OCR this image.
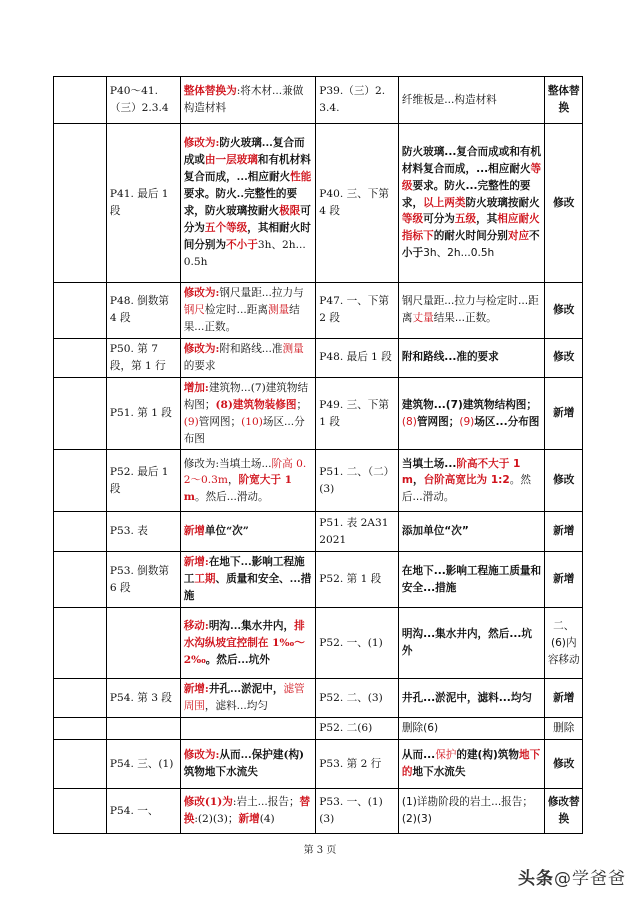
	P40～41.（三）2.3.4	整体替换为:将木材...兼做构造材料	P39.（三）2.3.4.	纤维板是...构造材料	整体替换
	P41. 最后 1 段	修改为:防火玻璃...复合而成或由一层玻璃和有机材料复合而成，...相应耐火性能要求。防火..完整性的要求，防火玻璃按耐火极限可分为五个等级，其相耐火时间分别为不小于3h、2h...0.5h	P40. 三、下第 4 段	防火玻璃...复合而成或和有机材料复合而成，...相应耐火等级要求。防火...完整性的要求，以上两类防火玻璃按耐火等级可分为五级，其相应耐火指标下的耐火时间分别对应不小于3h、2h...0.5h	修改
	P48. 倒数第 4 段	修改为:钢尺量距...拉力与钢尺检定时...距离测量结果...正数。	P47. 一、下第 2 段	钢尺量距...拉力与检定时...距离丈量结果...正数。	修改
	P50. 第 7 段，第 1 行	修改为:附和路线...准测量的要求	P48. 最后 1 段	附和路线...准的要求	修改
	P51. 第 1 段	增加:建筑物...(7)建筑物结构图；(8)建筑物装修图；(9)管网图；(10)场区...分布图	P49. 三、下第 1 段	建筑物...(7)建筑物结构图；(8)管网图；(9)场区...分布图	新增
	P52. 最后 1 段	修改为:当填土场...阶高 0.2～0.3m，阶宽大于 1m。然后...滑动。	P51. 二、（二）(3)	当填土场...阶高不大于 1m，台阶高宽比为 1:2。然后...滑动。	修改
	P53. 表	新增单位“次”	P51. 表 2A312021	添加单位“次”	新增
	P53. 倒数第 6 段	新增:在地下...影响工程施工工期、质量和安全、...措施	P52. 第 1 段	在地下...影响工程施工质量和安全...措施	新增
		移动:明沟...集水井内，排水沟纵坡宜控制在 1‰～2‰。然后...坑外	P52. 一、(1)	明沟...集水井内，然后...坑外	二、(6)内容移动
	P54. 第 3 段	新增:井孔...淤泥中，滤管周围，滤料...均匀	P52. 二、(3)	井孔...淤泥中，滤料...均匀	新增
			P52. 二(6)	删除(6)	删除
	P54. 三、(1)	修改为:从而...保护建(构)筑物地下水流失	P53. 第 2 行	从而...保护的建(构)筑物地下的地下水流失	修改
	P54. 一、	修改(1)为:岩土...报告；替换:(2)(3)；新增(4)	P53. 一、(1)(3)	(1)详勘阶段的岩土...报告；(2)(3)	修改替换
第 3 页
头条@学爸爸
